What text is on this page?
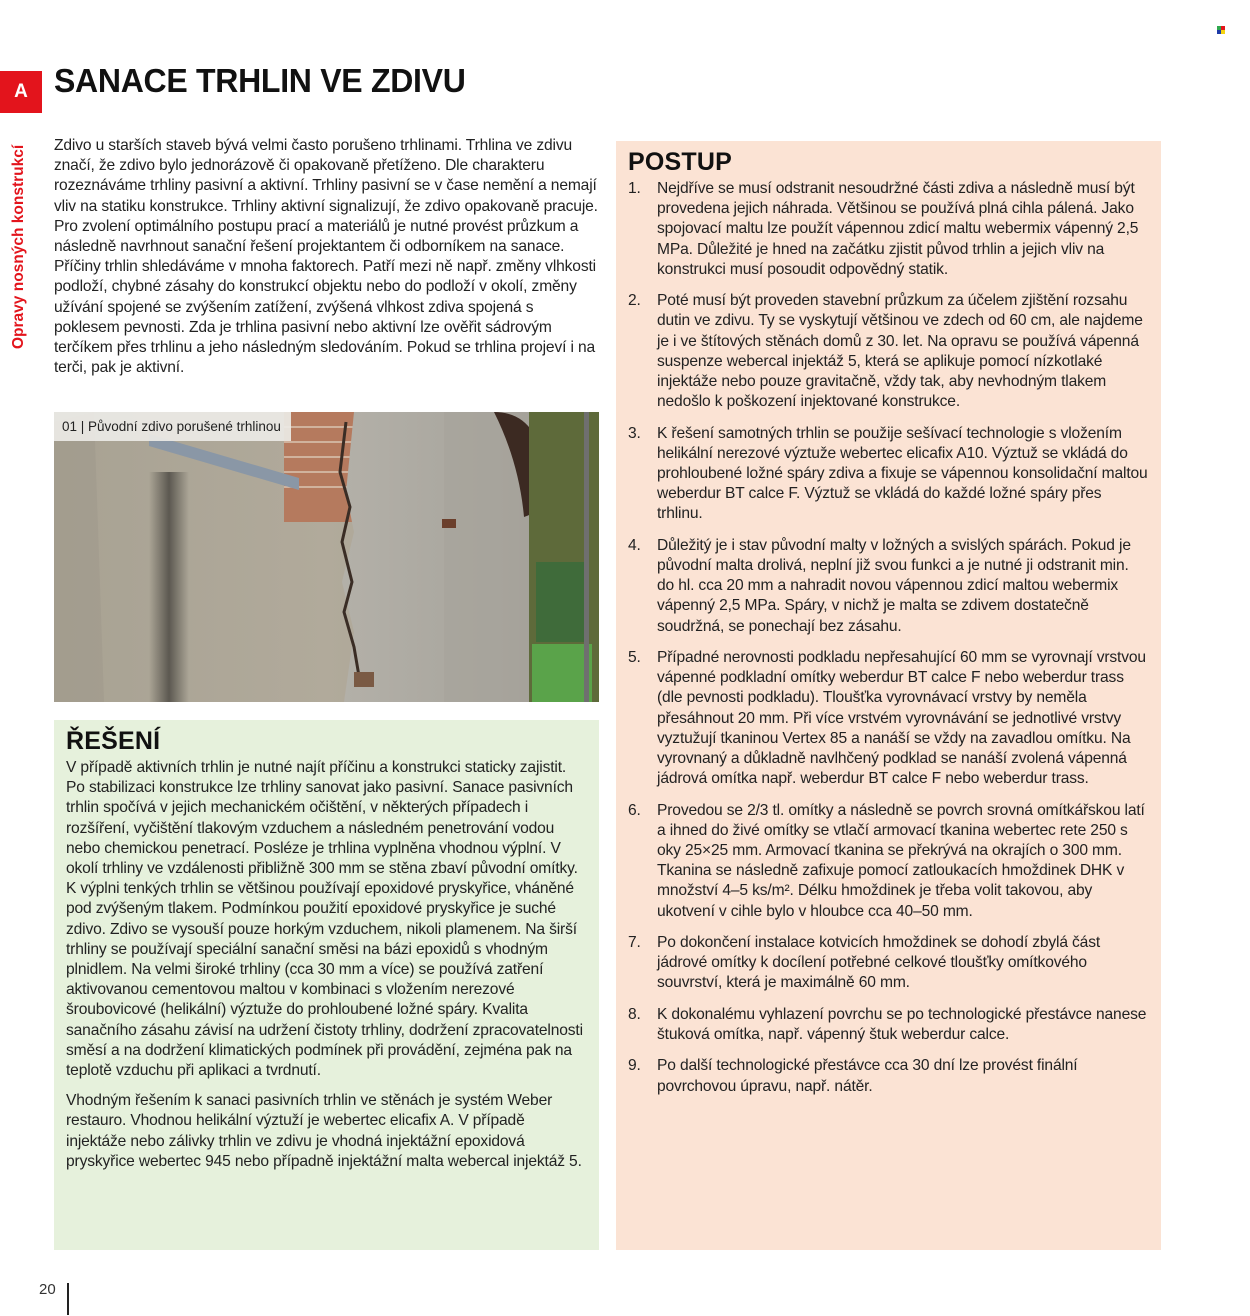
A
Opravy nosných konstrukcí
SANACE TRHLIN VE ZDIVU

Zdivo u starších staveb bývá velmi často porušeno trhlinami. Trhlina ve zdivu značí, že zdivo bylo jednorázově či opakovaně přetíženo. Dle charakteru rozeznáváme trhliny pasivní a aktivní. Trhliny pasivní se v čase nemění a nemají vliv na statiku konstrukce. Trhliny aktivní signalizují, že zdivo opakovaně pracuje. Pro zvolení optimálního postupu prací a materiálů je nutné provést průzkum a následně navrhnout sanační řešení projektantem či odborníkem na sanace. Příčiny trhlin shledáváme v mnoha faktorech. Patří mezi ně např. změny vlhkosti podloží, chybné zásahy do konstrukcí objektu nebo do podloží v okolí, změny užívání spojené se zvýšením zatížení, zvýšená vlhkost zdiva spojená s poklesem pevnosti. Zda je trhlina pasivní nebo aktivní lze ověřit sádrovým terčíkem přes trhlinu a jeho následným sledováním. Pokud se trhlina projeví i na terči, pak je aktivní.

01 | Původní zdivo porušené trhlinou
ŘEŠENÍ

V případě aktivních trhlin je nutné najít příčinu a konstrukci staticky zajistit. Po stabilizaci konstrukce lze trhliny sanovat jako pasivní. Sanace pasivních trhlin spočívá v jejich mechanickém očištění, v některých případech i rozšíření, vyčištění tlakovým vzduchem a následném penetrování vodou nebo chemickou penetrací. Posléze je trhlina vyplněna vhodnou výplní. V okolí trhliny ve vzdálenosti přibližně 300 mm se stěna zbaví původní omítky. K výplni tenkých trhlin se většinou používají epoxidové pryskyřice, vháněné pod zvýšeným tlakem. Podmínkou použití epoxidové pryskyřice je suché zdivo. Zdivo se vysouší pouze horkým vzduchem, nikoli plamenem. Na širší trhliny se používají speciální sanační směsi na bázi epoxidů s vhodným plnidlem. Na velmi široké trhliny (cca 30 mm a více) se používá zatření aktivovanou cementovou maltou v kombinaci s vložením nerezové šroubovicové (helikální) výztuže do prohloubené ložné spáry. Kvalita sanačního zásahu závisí na udržení čistoty trhliny, dodržení zpracovatelnosti směsí a na dodržení klimatických podmínek při provádění, zejména pak na teplotě vzduchu při aplikaci a tvrdnutí.

Vhodným řešením k sanaci pasivních trhlin ve stěnách je systém Weber restauro. Vhodnou helikální výztuží je webertec elicafix A. V případě injektáže nebo zálivky trhlin ve zdivu je vhodná injektážní epoxidová pryskyřice webertec 945 nebo případně injektážní malta webercal injektáž 5.

POSTUP
1.	Nejdříve se musí odstranit nesoudržné části zdiva a následně musí být provedena jejich náhrada. Většinou se používá plná cihla pálená. Jako spojovací maltu lze použít vápennou zdicí maltu webermix vápenný 2,5 MPa. Důležité je hned na začátku zjistit původ trhlin a jejich vliv na konstrukci musí posoudit odpovědný statik.
2.	Poté musí být proveden stavební průzkum za účelem zjištění rozsahu dutin ve zdivu. Ty se vyskytují většinou ve zdech od 60 cm, ale najdeme je i ve štítových stěnách domů z 30. let. Na opravu se používá vápenná suspenze webercal injektáž 5, která se aplikuje pomocí nízkotlaké injektáže nebo pouze gravitačně, vždy tak, aby nevhodným tlakem nedošlo k poškození injektované konstrukce.
3.	K řešení samotných trhlin se použije sešívací technologie s vložením helikální nerezové výztuže webertec elicafix A10. Výztuž se vkládá do prohloubené ložné spáry zdiva a fixuje se vápennou konsolidační maltou weberdur BT calce F. Výztuž se vkládá do každé ložné spáry přes trhlinu.
4.	Důležitý je i stav původní malty v ložných a svislých spárách. Pokud je původní malta drolivá, neplní již svou funkci a je nutné ji odstranit min. do hl. cca 20 mm a nahradit novou vápennou zdicí maltou webermix vápenný 2,5 MPa. Spáry, v nichž je malta se zdivem dostatečně soudržná, se ponechají bez zásahu.
5.	Případné nerovnosti podkladu nepřesahující 60 mm se vyrovnají vrstvou vápenné podkladní omítky weberdur BT calce F nebo weberdur trass (dle pevnosti podkladu). Tloušťka vyrovnávací vrstvy by neměla přesáhnout 20 mm. Při více vrstvém vyrovnávání se jednotlivé vrstvy vyztužují tkaninou Vertex 85 a nanáší se vždy na zavadlou omítku. Na vyrovnaný a důkladně navlhčený podklad se nanáší zvolená vápenná jádrová omítka např. weberdur BT calce F nebo weberdur trass.
6.	Provedou se 2/3 tl. omítky a následně se povrch srovná omítkářskou latí a ihned do živé omítky se vtlačí armovací tkanina webertec rete 250 s oky 25×25 mm. Armovací tkanina se překrývá na okrajích o 300 mm. Tkanina se následně zafixuje pomocí zatloukacích hmoždinek DHK v množství 4–5 ks/m². Délku hmoždinek je třeba volit takovou, aby ukotvení v cihle bylo v hloubce cca 40–50 mm.
7.	Po dokončení instalace kotvicích hmoždinek se dohodí zbylá část jádrové omítky k docílení potřebné celkové tloušťky omítkového souvrství, která je maximálně 60 mm.
8.	K dokonalému vyhlazení povrchu se po technologické přestávce nanese štuková omítka, např. vápenný štuk weberdur calce.
9.	Po další technologické přestávce cca 30 dní lze provést finální povrchovou úpravu, např. nátěr.
20
